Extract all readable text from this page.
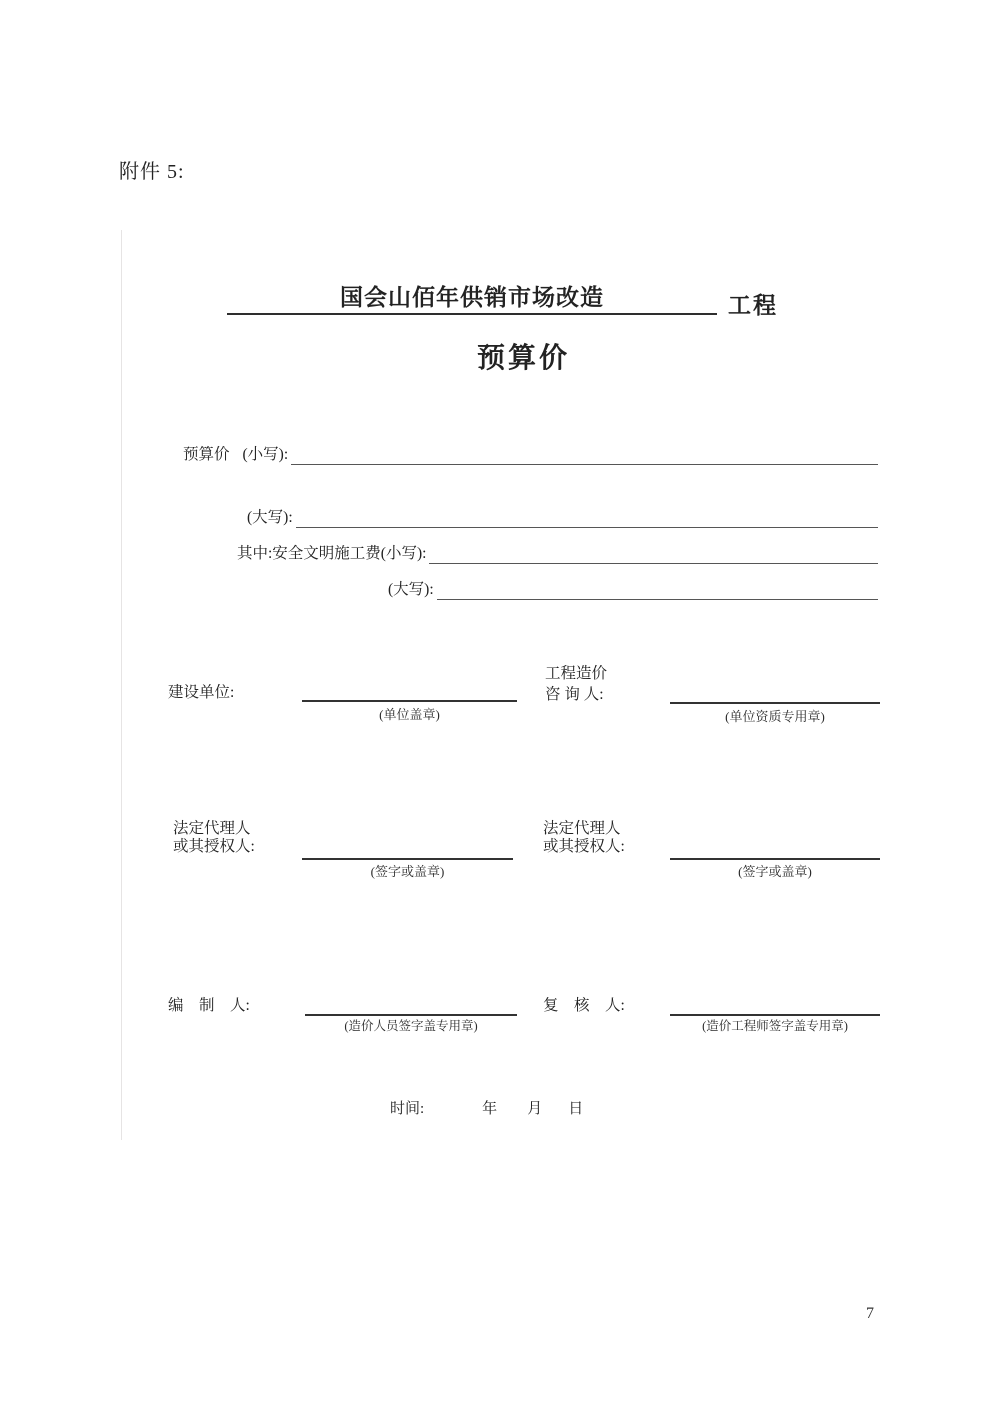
附件 5:
国会山佰年供销市场改造	工程
预算价
预算价 (小写):
(大写):
其中:安全文明施工费(小写):
(大写):
建设单位:
(单位盖章)
工程造价
咨 询 人:
(单位资质专用章)
法定代理人
或其授权人:
(签字或盖章)
法定代理人
或其授权人:
(签字或盖章)
编　制　人:
(造价人员签字盖专用章)
复　核　人:
(造价工程师签字盖专用章)
时间:	年 月 日
7
